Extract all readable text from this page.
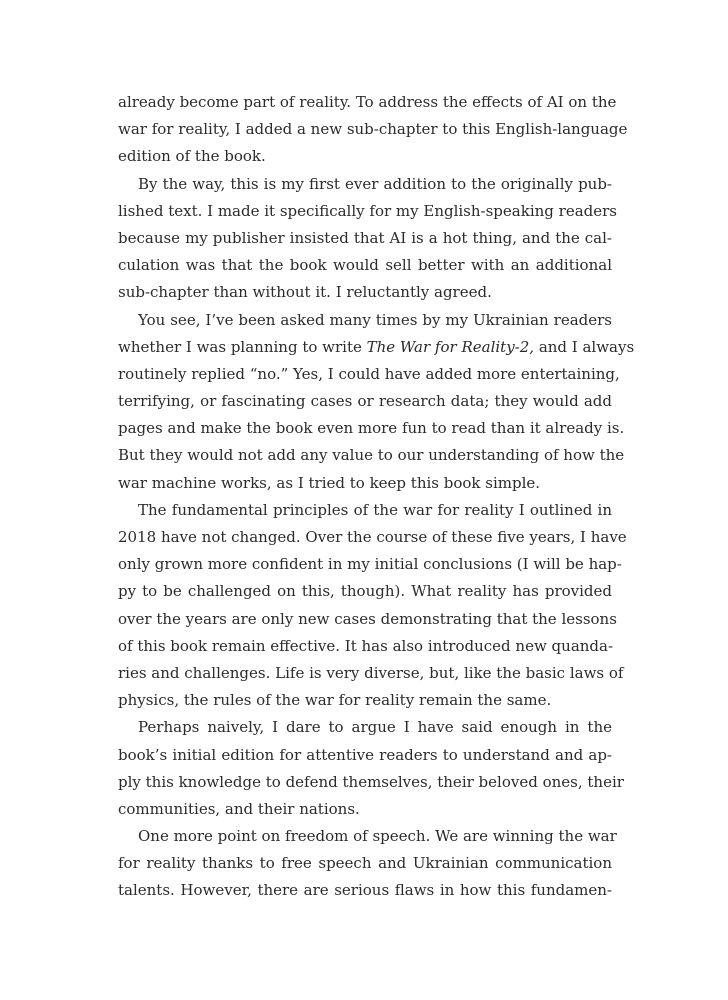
already become part of reality. To address the effects of AI on the
war for reality, I added a new sub-chapter to this English-language
edition of the book.
By the way, this is my first ever addition to the originally pub-
lished text. I made it specifically for my English-speaking readers
because my publisher insisted that AI is a hot thing, and the cal-
culation was that the book would sell better with an additional
sub-chapter than without it. I reluctantly agreed.
You see, I’ve been asked many times by my Ukrainian readers
whether I was planning to write The War for Reality-2, and I always
routinely replied “no.” Yes, I could have added more entertaining,
terrifying, or fascinating cases or research data; they would add
pages and make the book even more fun to read than it already is.
But they would not add any value to our understanding of how the
war machine works, as I tried to keep this book simple.
The fundamental principles of the war for reality I outlined in
2018 have not changed. Over the course of these five years, I have
only grown more confident in my initial conclusions (I will be hap-
py to be challenged on this, though). What reality has provided
over the years are only new cases demonstrating that the lessons
of this book remain effective. It has also introduced new quanda-
ries and challenges. Life is very diverse, but, like the basic laws of
physics, the rules of the war for reality remain the same.
Perhaps naively, I dare to argue I have said enough in the
book’s initial edition for attentive readers to understand and ap-
ply this knowledge to defend themselves, their beloved ones, their
communities, and their nations.
One more point on freedom of speech. We are winning the war
for reality thanks to free speech and Ukrainian communication
talents. However, there are serious flaws in how this fundamen-
